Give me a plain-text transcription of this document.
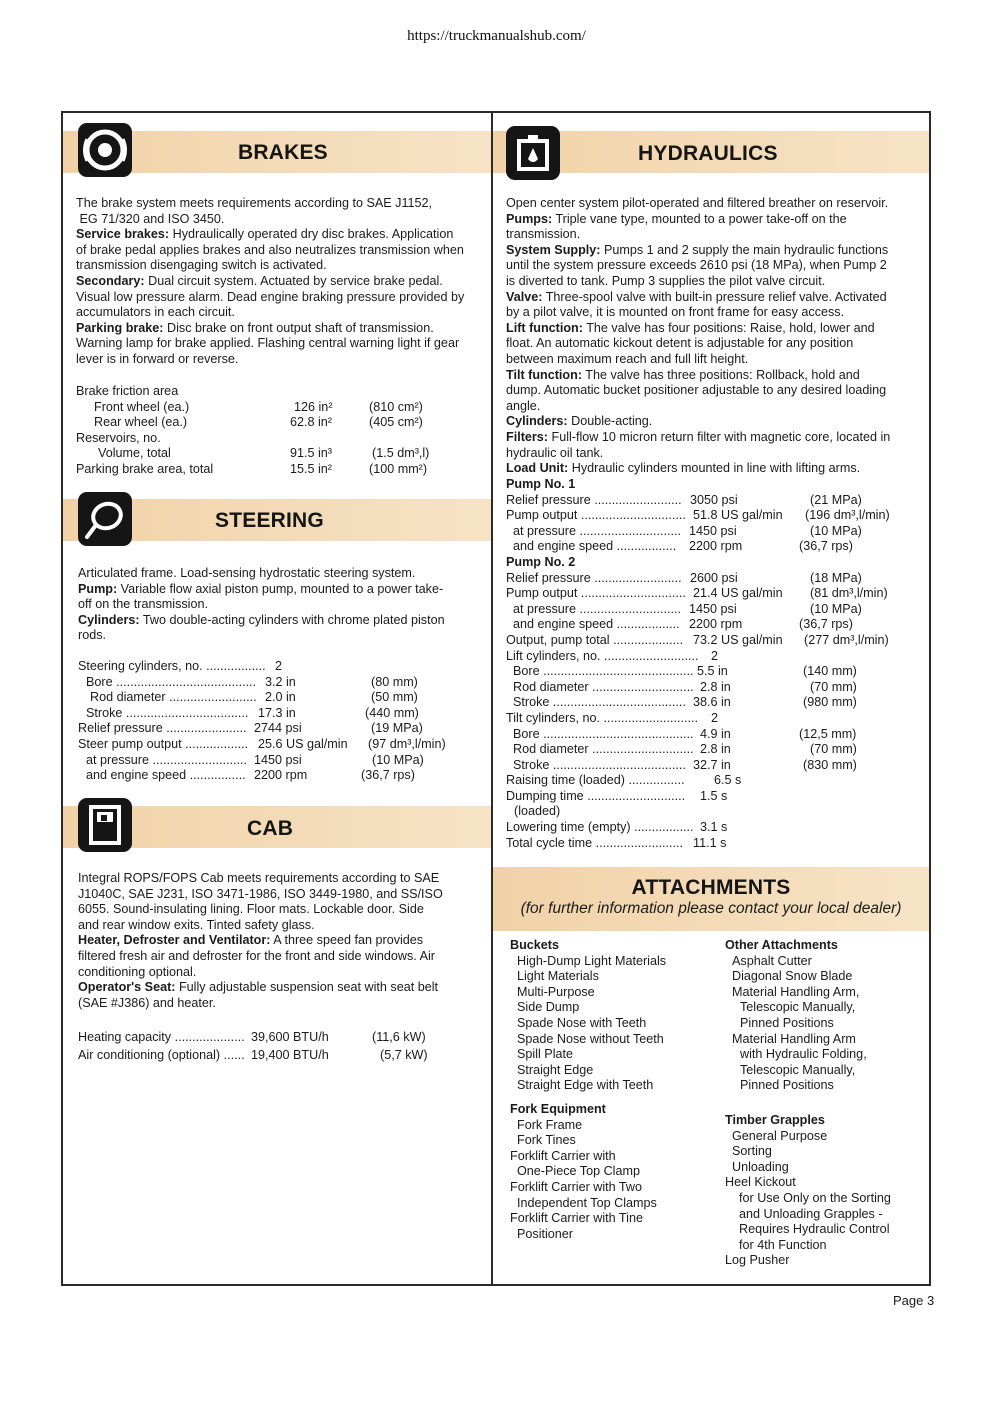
https://truckmanualshub.com/
BRAKES

The brake system meets requirements according to SAE J1152,

EG 71/320 and ISO 3450.

Service brakes: Hydraulically operated dry disc brakes. Application

of brake pedal applies brakes and also neutralizes transmission when

transmission disengaging switch is activated.

Secondary: Dual circuit system. Actuated by service brake pedal.

Visual low pressure alarm. Dead engine braking pressure provided by

accumulators in each circuit.

Parking brake: Disc brake on front output shaft of transmission.

Warning lamp for brake applied. Flashing central warning light if gear

lever is in forward or reverse.

Brake friction area
Front wheel (ea.)	126 in²	(810 cm²)
Rear wheel (ea.)	62.8 in²	(405 cm²)
Reservoirs, no.
Volume, total	91.5 in³	(1.5 dm³,l)
Parking brake area, total	15.5 in²	(100 mm²)
STEERING

Articulated frame. Load-sensing hydrostatic steering system.

Pump: Variable flow axial piston pump, mounted to a power take-

off on the transmission.

Cylinders: Two double-acting cylinders with chrome plated piston

rods.

Steering cylinders, no. ................. 2
Bore ........................................ 3.2 in	(80 mm)
Rod diameter ......................... 2.0 in	(50 mm)
Stroke ................................... 17.3 in	(440 mm)
Relief pressure ....................... 2744 psi	(19 MPa)
Steer pump output .................. 25.6 US gal/min (97 dm³,l/min)
at pressure ........................... 1450 psi	(10 MPa)
and engine speed ................ 2200 rpm	(36,7 rps)
CAB

Integral ROPS/FOPS Cab meets requirements according to SAE

J1040C, SAE J231, ISO 3471-1986, ISO 3449-1980, and SS/ISO

6055. Sound-insulating lining. Floor mats. Lockable door. Side

and rear window exits. Tinted safety glass.

Heater, Defroster and Ventilator: A three speed fan provides

filtered fresh air and defroster for the front and side windows. Air

conditioning optional.

Operator's Seat: Fully adjustable suspension seat with seat belt

(SAE #J386) and heater.

Heating capacity .................... 39,600 BTU/h	(11,6 kW)
Air conditioning (optional) ...... 19,400 BTU/h	(5,7 kW)
HYDRAULICS

Open center system pilot-operated and filtered breather on reservoir.

Pumps: Triple vane type, mounted to a power take-off on the

transmission.

System Supply: Pumps 1 and 2 supply the main hydraulic functions

until the system pressure exceeds 2610 psi (18 MPa), when Pump 2

is diverted to tank. Pump 3 supplies the pilot valve circuit.

Valve: Three-spool valve with built-in pressure relief valve. Activated

by a pilot valve, it is mounted on front frame for easy access.

Lift function: The valve has four positions: Raise, hold, lower and

float. An automatic kickout detent is adjustable for any position

between maximum reach and full lift height.

Tilt function: The valve has three positions: Rollback, hold and

dump. Automatic bucket positioner adjustable to any desired loading

angle.

Cylinders: Double-acting.

Filters: Full-flow 10 micron return filter with magnetic core, located in

hydraulic oil tank.

Load Unit: Hydraulic cylinders mounted in line with lifting arms.

Pump No. 1
Relief pressure ......................... 3050 psi	(21 MPa)
Pump output .............................. 51.8 US gal/min (196 dm³,l/min)
at pressure ............................. 1450 psi	(10 MPa)
and engine speed ................. 2200 rpm	(36,7 rps)
Pump No. 2
Relief pressure ......................... 2600 psi	(18 MPa)
Pump output .............................. 21.4 US gal/min (81 dm³,l/min)
at pressure ............................. 1450 psi	(10 MPa)
and engine speed .................. 2200 rpm	(36,7 rps)
Output, pump total .................... 73.2 US gal/min (277 dm³,l/min)
Lift cylinders, no. ........................... 2
Bore ........................................... 5.5 in	(140 mm)
Rod diameter ............................. 2.8 in	(70 mm)
Stroke ...................................... 38.6 in	(980 mm)
Tilt cylinders, no. ........................... 2
Bore ........................................... 4.9 in	(12,5 mm)
Rod diameter ............................. 2.8 in	(70 mm)
Stroke ...................................... 32.7 in	(830 mm)
Raising time (loaded) ................ 6.5 s
Dumping time ............................ 1.5 s
(loaded)
Lowering time (empty) ................. 3.1 s
Total cycle time ......................... 11.1 s
ATTACHMENTS
(for further information please contact your local dealer)
Buckets
High-Dump Light Materials
Light Materials
Multi-Purpose
Side Dump
Spade Nose with Teeth
Spade Nose without Teeth
Spill Plate
Straight Edge
Straight Edge with Teeth
Fork Equipment
Fork Frame
Fork Tines
Forklift Carrier with
One-Piece Top Clamp
Forklift Carrier with Two
Independent Top Clamps
Forklift Carrier with Tine
Positioner
Other Attachments
Asphalt Cutter
Diagonal Snow Blade
Material Handling Arm,
Telescopic Manually,
Pinned Positions
Material Handling Arm
with Hydraulic Folding,
Telescopic Manually,
Pinned Positions
Timber Grapples
General Purpose
Sorting
Unloading
Heel Kickout
for Use Only on the Sorting
and Unloading Grapples -
Requires Hydraulic Control
for 4th Function
Log Pusher
Page 3
